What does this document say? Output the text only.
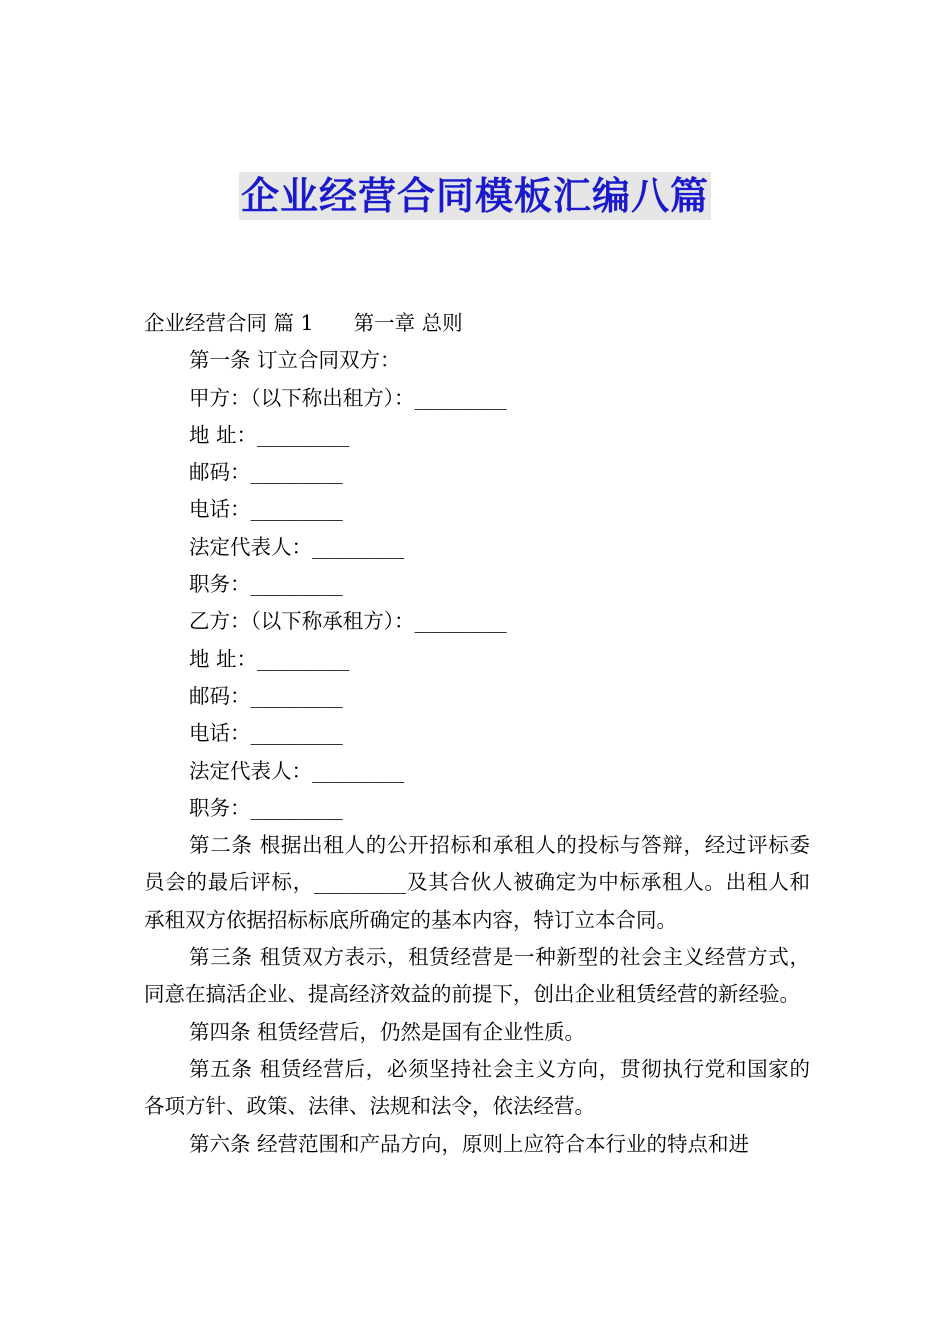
企业经营合同模板汇编八篇
企业经营合同 篇 1 第一章 总则
第一条 订立合同双方：
甲方：（以下称出租方）：_________
地 址：_________
邮码：_________
电话：_________
法定代表人：_________
职务：_________
乙方：（以下称承租方）：_________
地 址：_________
邮码：_________
电话：_________
法定代表人：_________
职务：_________
第二条 根据出租人的公开招标和承租人的投标与答辩，经过评标委员会的最后评标，_________及其合伙人被确定为中标承租人。出租人和承租双方依据招标标底所确定的基本内容，特订立本合同。
第三条 租赁双方表示，租赁经营是一种新型的社会主义经营方式，同意在搞活企业、提高经济效益的前提下，创出企业租赁经营的新经验。
第四条 租赁经营后，仍然是国有企业性质。
第五条 租赁经营后，必须坚持社会主义方向，贯彻执行党和国家的各项方针、政策、法律、法规和法令，依法经营。
第六条 经营范围和产品方向，原则上应符合本行业的特点和进
